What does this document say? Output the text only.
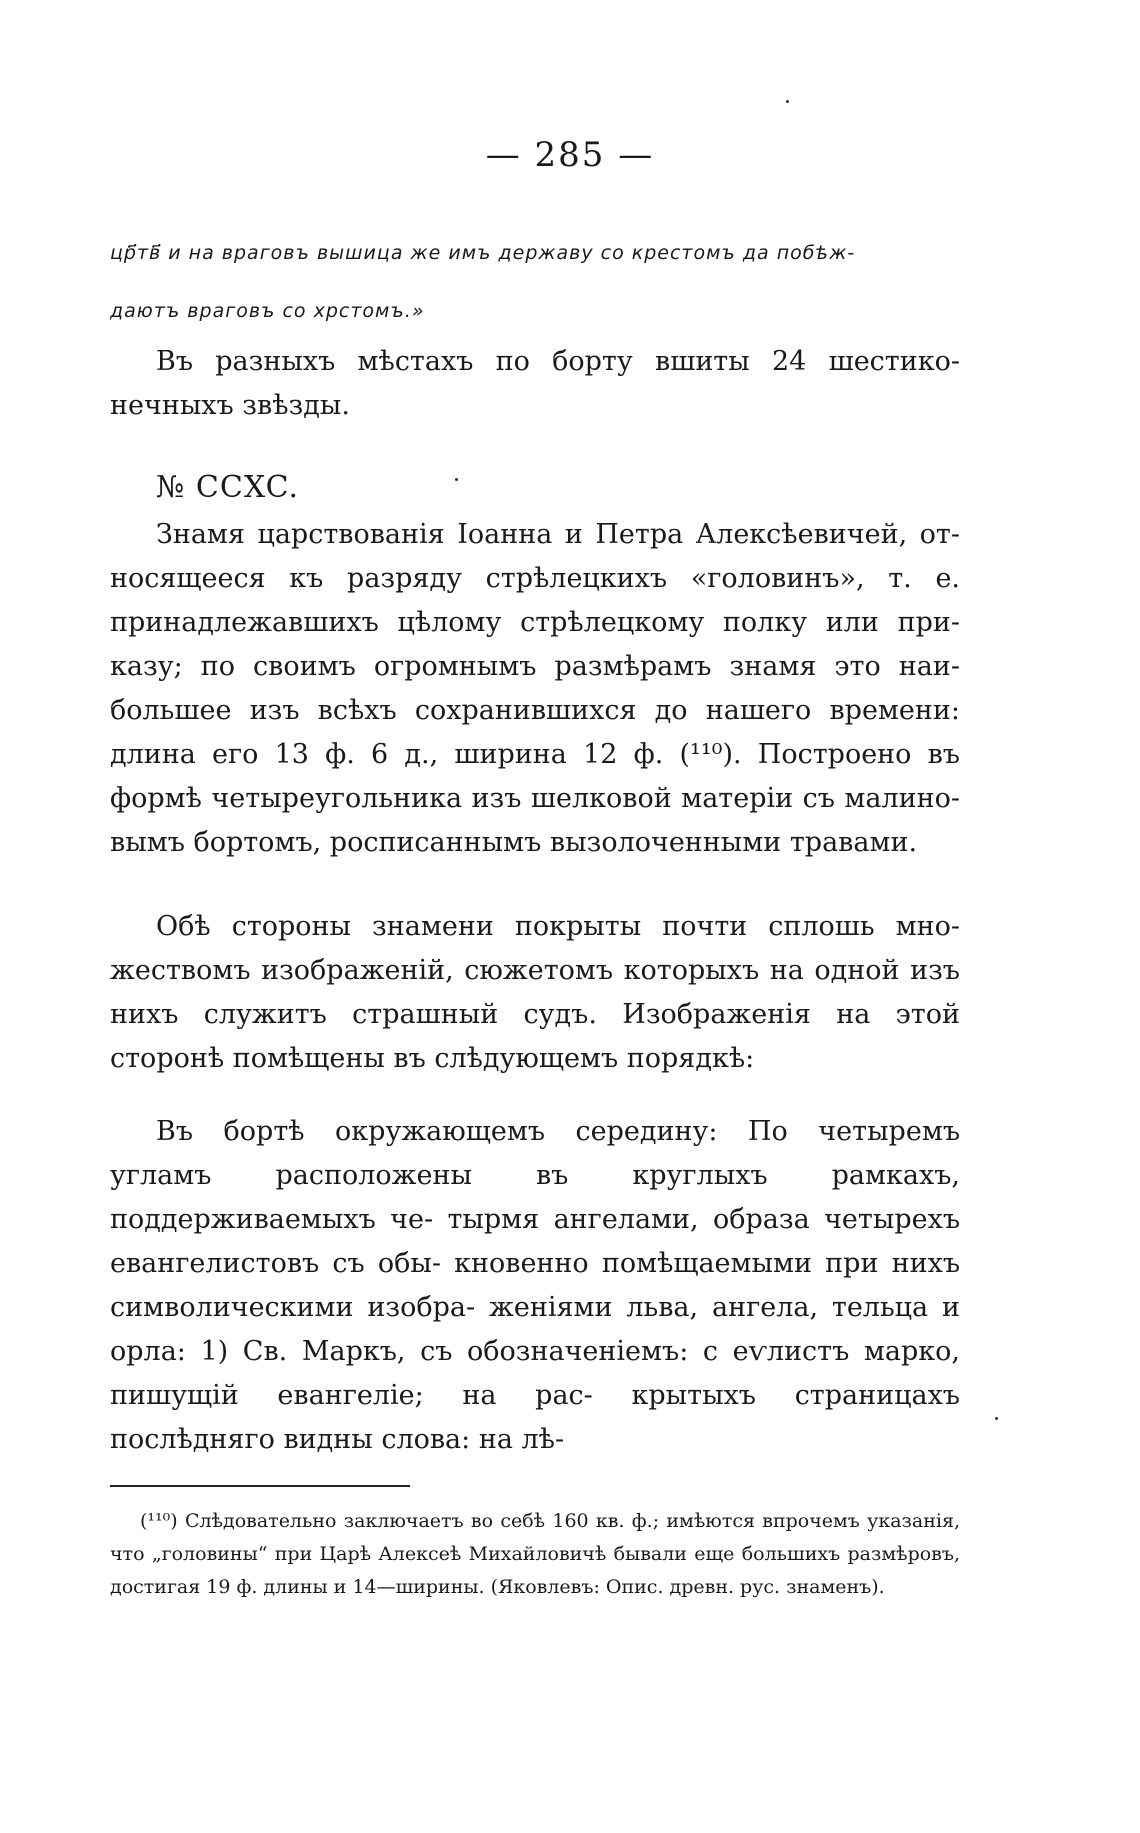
— 285 —
цр҃тв҃ и на враговъ вышица же имъ державу со крестомъ да побѣж-
даютъ враговъ со хрстомъ.»

Въ разныхъ мѣстахъ по борту вшиты 24 шестико- нечныхъ звѣзды.

№ CCXC.

Знамя царствованія Іоанна и Петра Алексѣевичей, от- носящееся къ разряду стрѣлецкихъ «головинъ», т. е. принадлежавшихъ цѣлому стрѣлецкому полку или при- казу; по своимъ огромнымъ размѣрамъ знамя это наи- большее изъ всѣхъ сохранившихся до нашего времени: длина его 13 ф. 6 д., ширина 12 ф. (¹¹⁰). Построено въ формѣ четыреугольника изъ шелковой матеріи съ малино- вымъ бортомъ, росписаннымъ вызолоченными травами.

Обѣ стороны знамени покрыты почти сплошь мно- жествомъ изображеній, сюжетомъ которыхъ на одной изъ нихъ служитъ страшный судъ. Изображенія на этой сторонѣ помѣщены въ слѣдующемъ порядкѣ:

Въ бортѣ окружающемъ середину: По четыремъ угламъ расположены въ круглыхъ рамкахъ, поддерживаемыхъ че- тырмя ангелами, образа четырехъ евангелистовъ съ обы- кновенно помѣщаемыми при нихъ символическими изобра- женіями льва, ангела, тельца и орла: 1) Св. Маркъ, съ обозначеніемъ: с еѵлистъ марко, пишущій евангеліе; на рас- крытыхъ страницахъ послѣдняго видны слова: на лѣ-

(¹¹⁰) Слѣдовательно заключаетъ во себѣ 160 кв. ф.; имѣются впрочемъ указанія, что „головины“ при Царѣ Алексеѣ Михайловичѣ бывали еще большихъ размѣровъ, достигая 19 ф. длины и 14—ширины. (Яковлевъ: Опис. древн. рус. знаменъ).
